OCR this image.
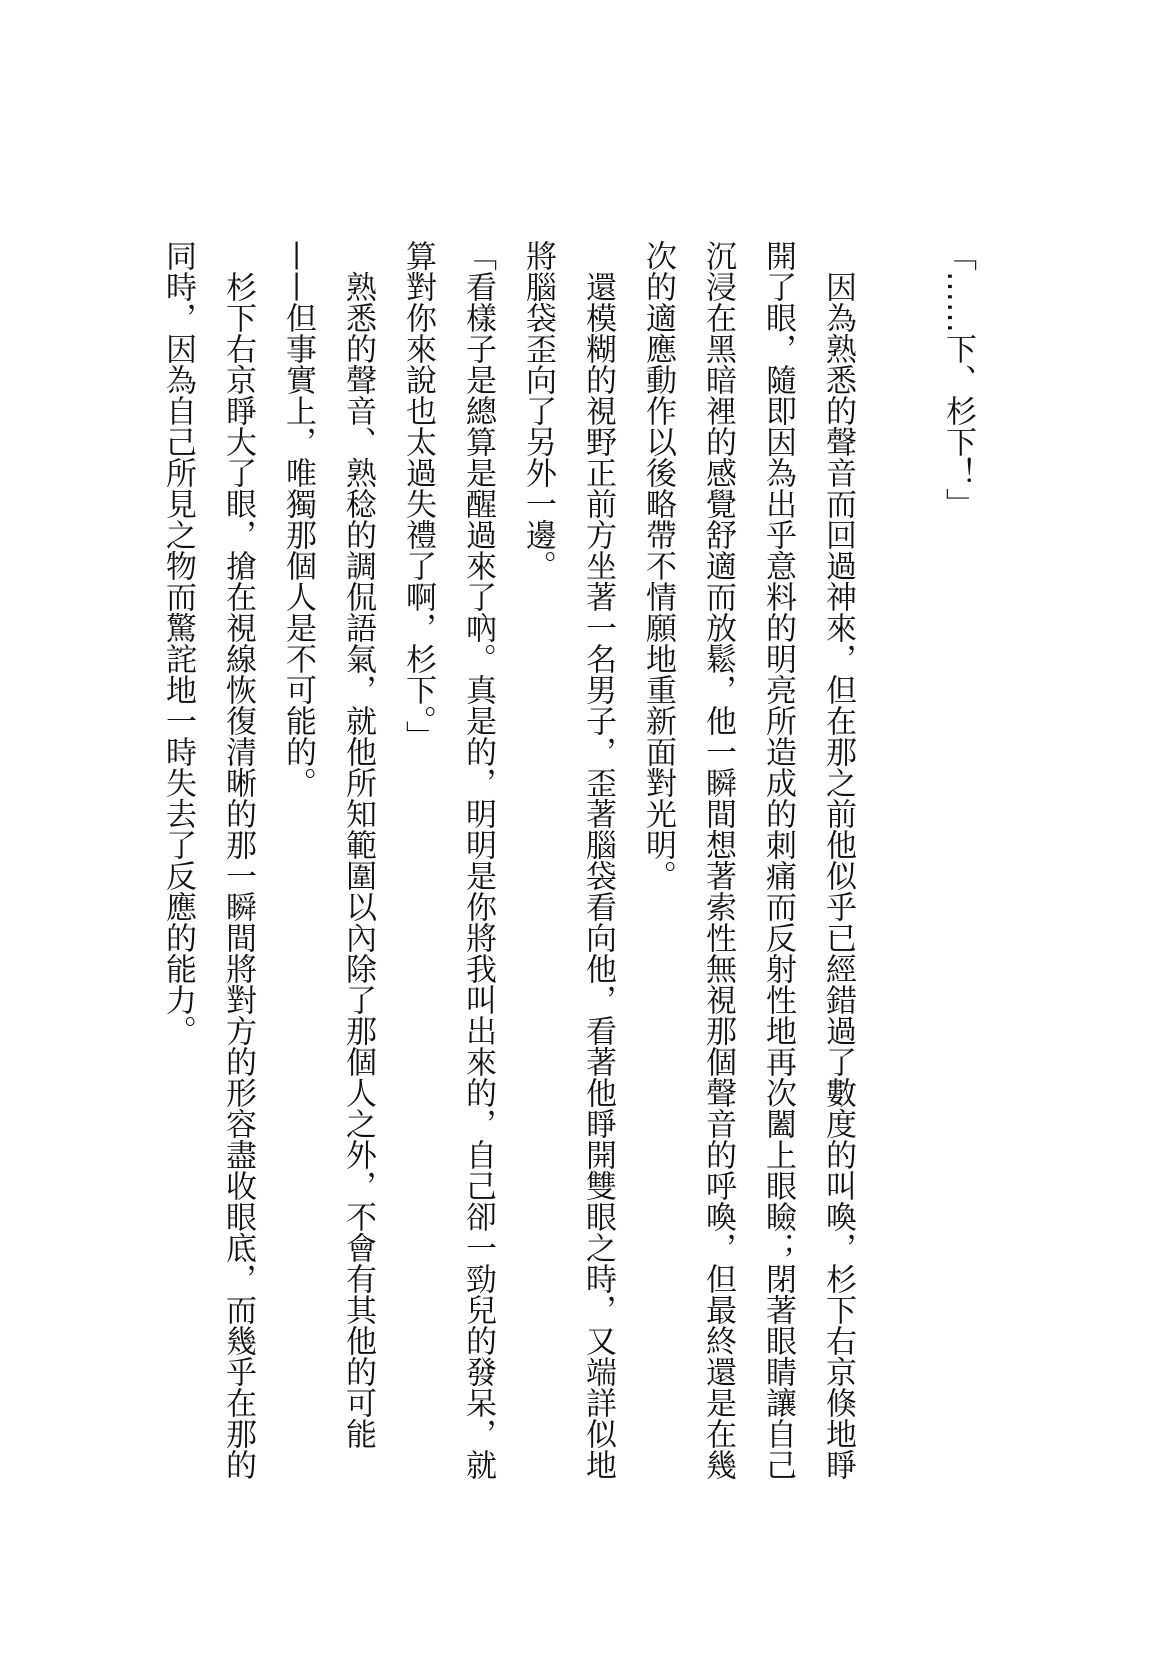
「……下、杉下！」

因為熟悉的聲音而回過神來，但在那之前他似乎已經錯過了數度的叫喚，杉下右京倏地睜開了眼，隨即因為出乎意料的明亮所造成的刺痛而反射性地再次闔上眼瞼；閉著眼睛讓自己沉浸在黑暗裡的感覺舒適而放鬆，他一瞬間想著索性無視那個聲音的呼喚，但最終還是在幾次的適應動作以後略帶不情願地重新面對光明。

還模糊的視野正前方坐著一名男子，歪著腦袋看向他，看著他睜開雙眼之時，又端詳似地將腦袋歪向了另外一邊。

「看樣子是總算是醒過來了吶。真是的，明明是你將我叫出來的，自己卻一勁兒的發呆，就算對你來說也太過失禮了啊，杉下。」

熟悉的聲音、熟稔的調侃語氣，就他所知範圍以內除了那個人之外，不會有其他的可能——但事實上，唯獨那個人是不可能的。

杉下右京睜大了眼，搶在視線恢復清晰的那一瞬間將對方的形容盡收眼底，而幾乎在那的同時，因為自己所見之物而驚詫地一時失去了反應的能力。
